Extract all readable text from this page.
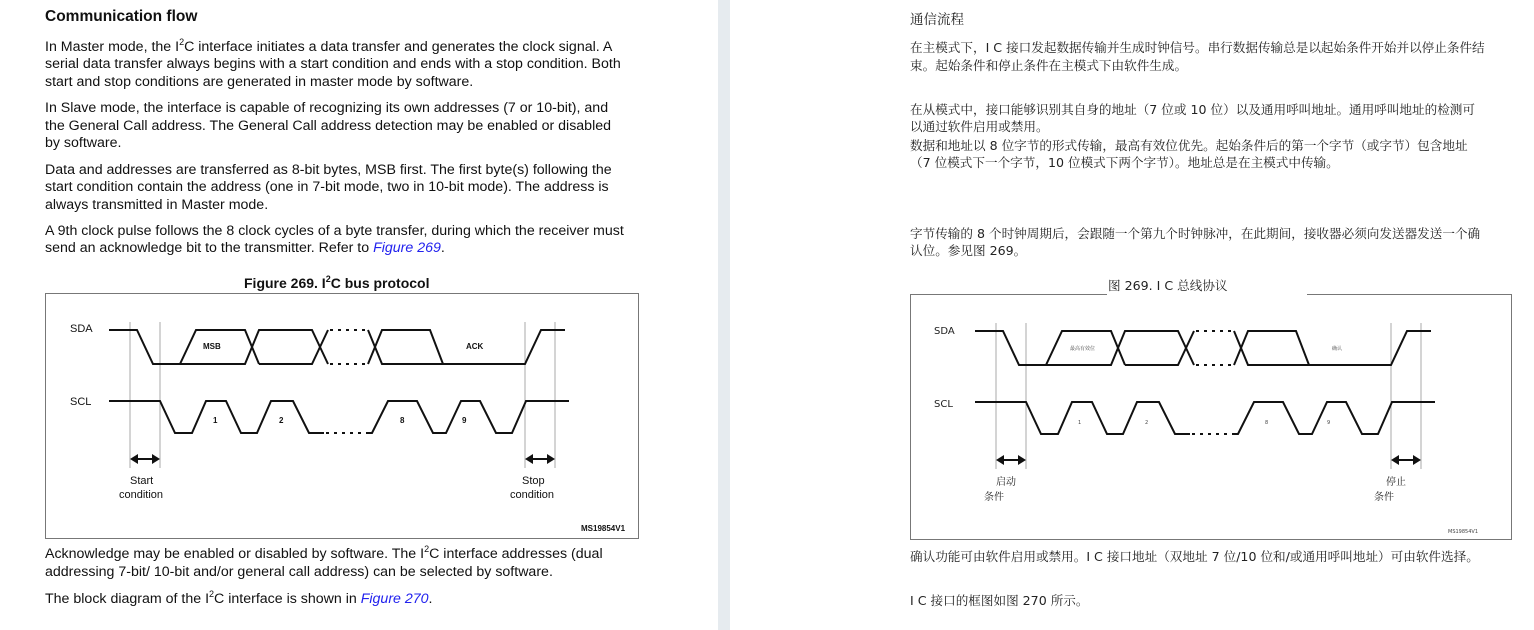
Communication flow
In Master mode, the $I^2C$ interface initiates a data transfer and generates the clock signal. A
serial data transfer always begins with a start condition and ends with a stop condition. Both
start and stop conditions are generated in master mode by software.
In Slave mode, the interface is capable of recognizing its own addresses (7 or 10-bit), and
the General Call address. The General Call address detection may be enabled or disabled
by software.
Data and addresses are transferred as 8-bit bytes, MSB first. The first byte(s) following the
start condition contain the address (one in 7-bit mode, two in 10-bit mode). The address is
always transmitted in Master mode.
A 9th clock pulse follows the 8 clock cycles of a byte transfer, during which the receiver must
send an acknowledge bit to the transmitter. Refer to Figure 269.
Figure 269. $I^2C$ bus protocol
SDA
SCL
MSB	ACK
1	2	8	9
Start
condition
Stop
condition
MS19854V1
Acknowledge may be enabled or disabled by software. The $I^2C$ interface addresses (dual
addressing 7-bit/ 10-bit and/or general call address) can be selected by software.
The block diagram of the $I^2C$ interface is shown in Figure 270.
通信流程
在主模式下，I C 接口发起数据传输并生成时钟信号。串行数据传输总是以起始条件开始并以停止条件结
束。起始条件和停止条件在主模式下由软件生成。
在从模式中，接口能够识别其自身的地址（7 位或 10 位）以及通用呼叫地址。通用呼叫地址的检测可
以通过软件启用或禁用。
数据和地址以 8 位字节的形式传输，最高有效位优先。起始条件后的第一个字节（或字节）包含地址
（7 位模式下一个字节，10 位模式下两个字节）。地址总是在主模式中传输。
字节传输的 8 个时钟周期后，会跟随一个第九个时钟脉冲，在此期间，接收器必须向发送器发送一个确
认位。参见图 269。
图 269. I C 总线协议
SDA
SCL
最高有效位	确认
1	2	8	9
启动
条件
停止
条件
MS19854V1
确认功能可由软件启用或禁用。I C 接口地址（双地址 7 位/10 位和/或通用呼叫地址）可由软件选择。
I C 接口的框图如图 270 所示。
